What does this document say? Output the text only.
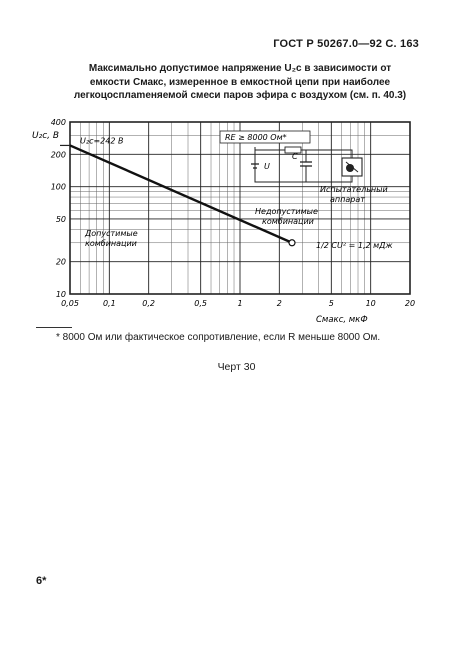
ГОСТ Р 50267.0—92 С. 163
Максимально допустимое напряжение U₂c в зависимости от
емкости Cмакс, измеренное в емкостной цепи при наиболее
легкоцосплameняемой смеси паров эфира с воздухом (см. п. 40.3)
0,05	0,1	0,2	0,5	1	2	5	10	20
400
200
100
50
20
10
U₂c, В	U₂c=242 В	RE ≥ 8000 Ом*
U
C
Испытательный
аппарат
Недопустимые
комбинации
Допустимые
комбинации	1/2 CU² = 1,2 мДж
Cмакс, мкФ
* 8000 Ом или фактическое сопротивление, если R меньше 8000 Ом.
Черт 30
6*
